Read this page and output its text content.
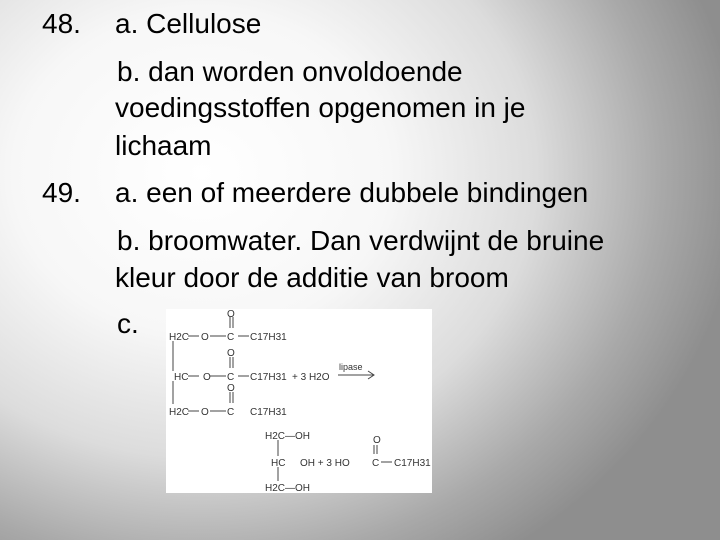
48. a. Cellulose
b. dan worden onvoldoende
voedingsstoffen opgenomen in je
lichaam
49. a. een of meerdere dubbele bindingen
b. broomwater. Dan verdwijnt de bruine
kleur door de additie van broom
c.	H2C O C C17H31
O
O
HC O C C17H31 + 3 H2O
lipase
O
H2C O C C17H31
H2C—OH	O
HC OH + 3 HO C C17H31
H2C—OH
